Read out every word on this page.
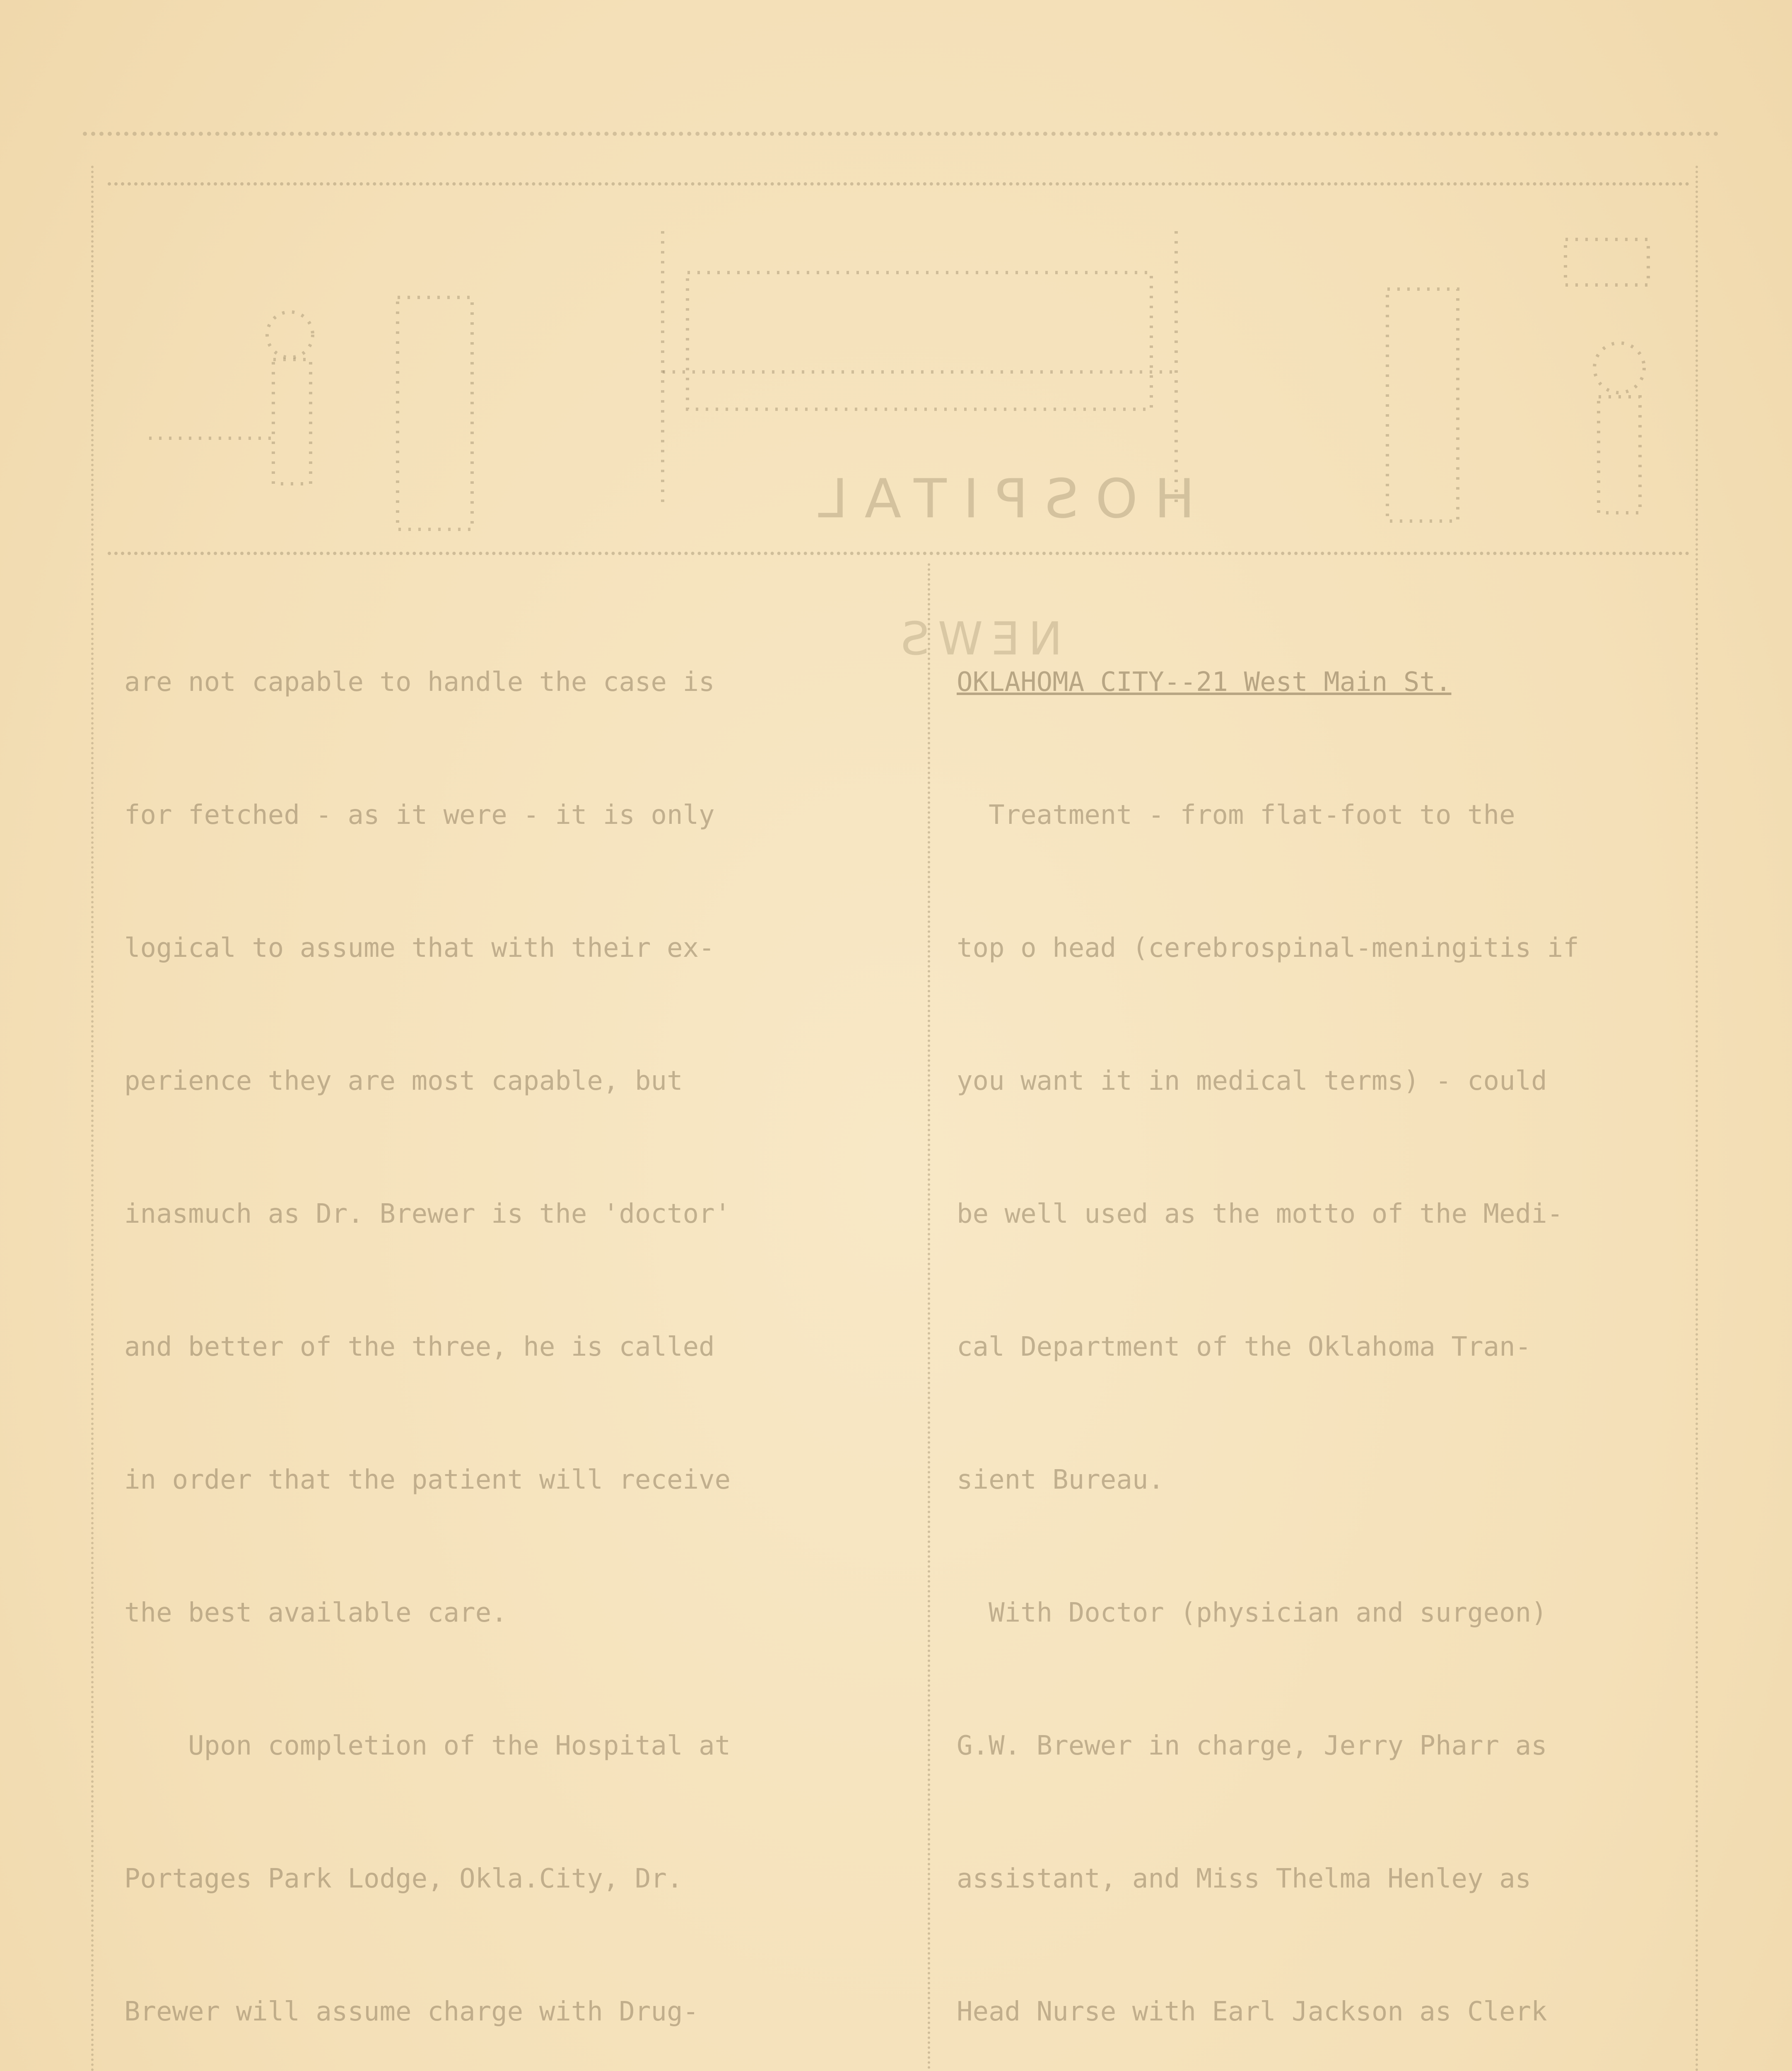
HOSPITAL
NEWS

are not capable to handle the case is

for fetched - as it were - it is only

logical to assume that with their ex-

perience they are most capable, but

inasmuch as Dr. Brewer is the 'doctor'

and better of the three, he is called

in order that the patient will receive

the best available care.

Upon completion of the Hospital at

Portages Park Lodge, Okla.City, Dr.

Brewer will assume charge with Drug-

OKLAHOMA CITY--21 West Main St.

Treatment - from flat-foot to the

top o head (cerebrospinal-meningitis if

you want it in medical terms) - could

be well used as the motto of the Medi-

cal Department of the Oklahoma Tran-

sient Bureau.

With Doctor (physician and surgeon)

G.W. Brewer in charge, Jerry Pharr as

assistant, and Miss Thelma Henley as

Head Nurse with Earl Jackson as Clerk
